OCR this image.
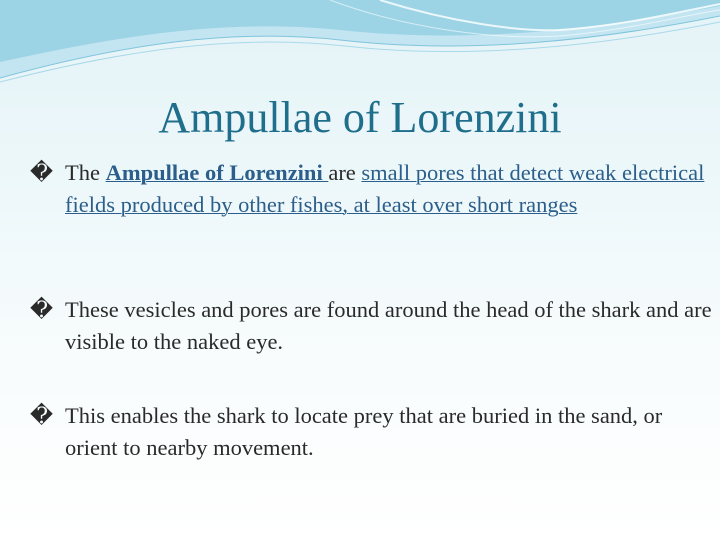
Ampullae of Lorenzini
� The Ampullae of Lorenzini are small pores that detect weak electrical fields produced by other fishes, at least over short ranges
� These vesicles and pores are found around the head of the shark and are visible to the naked eye.
� This enables the shark to locate prey that are buried in the sand, or orient to nearby movement.
